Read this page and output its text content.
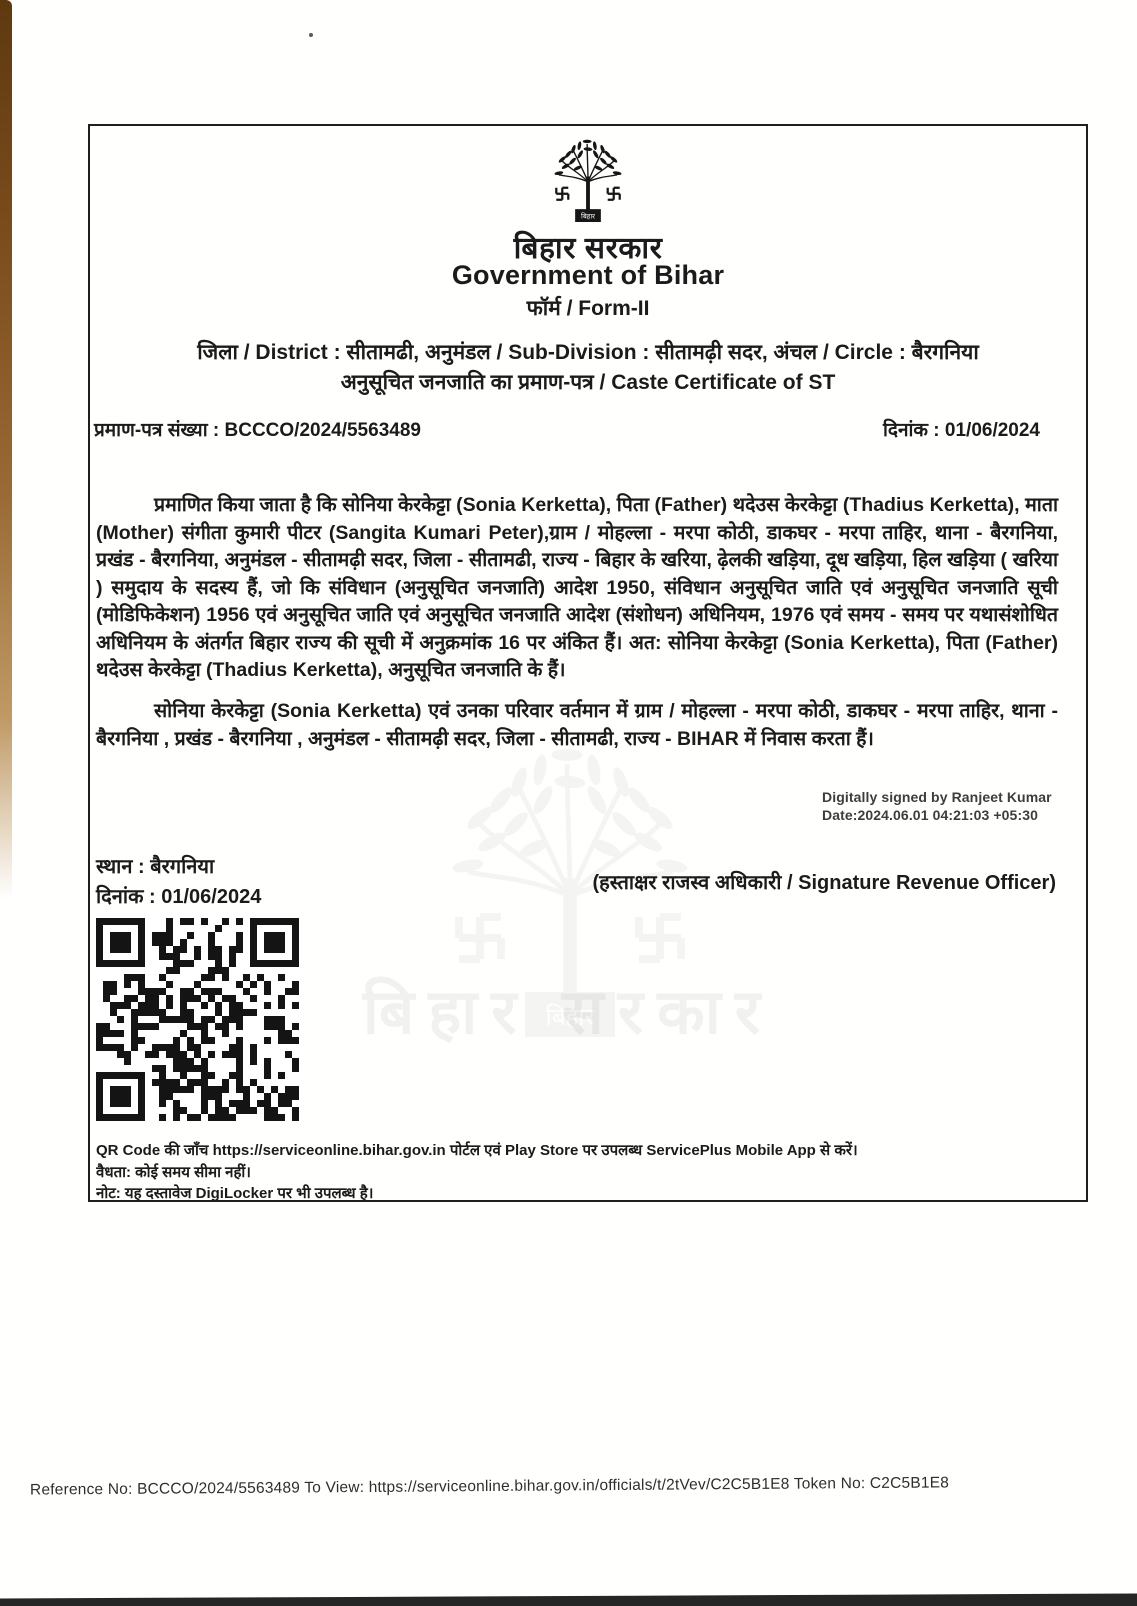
बिहार सरकार
बिहार
बिहार सरकार
Government of Bihar
फॉर्म / Form-II
जिला / District : सीतामढी, अनुमंडल / Sub-Division : सीतामढ़ी सदर, अंचल / Circle : बैरगनिया
अनुसूचित जनजाति का प्रमाण-पत्र / Caste Certificate of ST
प्रमाण-पत्र संख्या : BCCCO/2024/5563489	दिनांक : 01/06/2024
प्रमाणित किया जाता है कि सोनिया केरकेट्टा (Sonia Kerketta), पिता (Father) थदेउस केरकेट्टा (Thadius Kerketta), माता (Mother) संगीता कुमारी पीटर (Sangita Kumari Peter),ग्राम / मोहल्ला - मरपा कोठी, डाकघर - मरपा ताहिर, थाना - बैरगनिया, प्रखंड - बैरगनिया, अनुमंडल - सीतामढ़ी सदर, जिला - सीतामढी, राज्य - बिहार के खरिया, ढ़ेलकी खड़िया, दूध खड़िया, हिल खड़िया ( खरिया ) समुदाय के सदस्य हैं, जो कि संविधान (अनुसूचित जनजाति) आदेश 1950, संविधान अनुसूचित जाति एवं अनुसूचित जनजाति सूची (मोडिफिकेशन) 1956 एवं अनुसूचित जाति एवं अनुसूचित जनजाति आदेश (संशोधन) अधिनियम, 1976 एवं समय - समय पर यथासंशोधित अधिनियम के अंतर्गत बिहार राज्य की सूची में अनुक्रमांक 16 पर अंकित हैं। अत: सोनिया केरकेट्टा (Sonia Kerketta), पिता (Father) थदेउस केरकेट्टा (Thadius Kerketta), अनुसूचित जनजाति के हैं।
सोनिया केरकेट्टा (Sonia Kerketta) एवं उनका परिवार वर्तमान में ग्राम / मोहल्ला - मरपा कोठी, डाकघर - मरपा ताहिर, थाना - बैरगनिया , प्रखंड - बैरगनिया , अनुमंडल - सीतामढ़ी सदर, जिला - सीतामढी, राज्य - BIHAR में निवास करता हैं।
Digitally signed by Ranjeet Kumar
Date:2024.06.01 04:21:03 +05:30
स्थान : बैरगनिया
(हस्ताक्षर राजस्व अधिकारी / Signature Revenue Officer)
दिनांक : 01/06/2024
QR Code की जाँच https://serviceonline.bihar.gov.in पोर्टल एवं Play Store पर उपलब्ध ServicePlus Mobile App से करें।
वैधता: कोई समय सीमा नहीं।
नोट: यह दस्तावेज DigiLocker पर भी उपलब्ध है।
Reference No: BCCCO/2024/5563489 To View: https://serviceonline.bihar.gov.in/officials/t/2tVev/C2C5B1E8 Token No: C2C5B1E8
